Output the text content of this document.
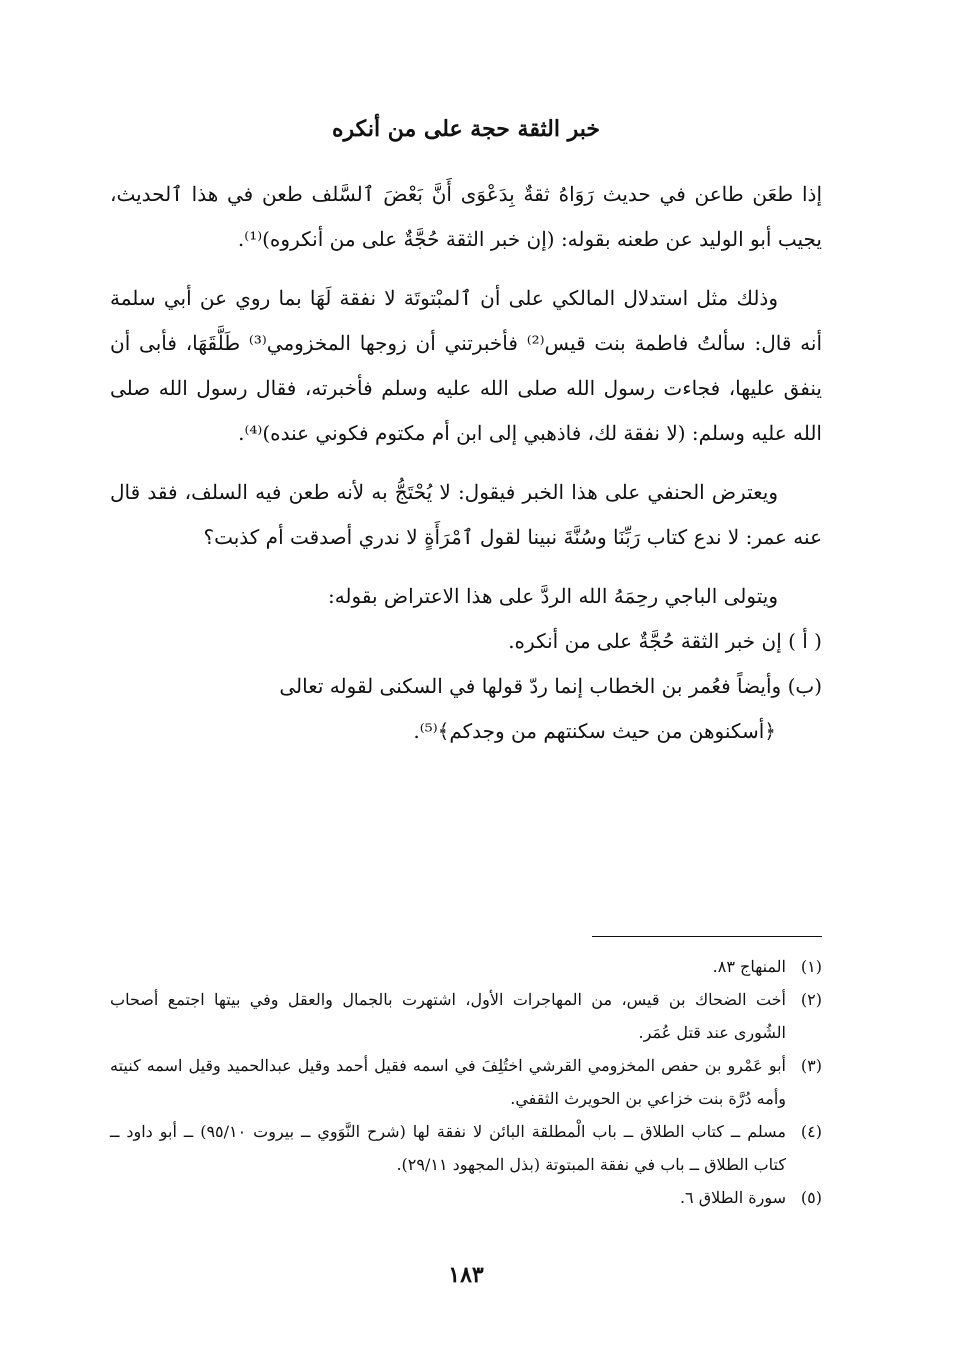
خبر الثقة حجة على من أنكره

إذا طعَن طاعن في حديث رَوَاهُ ثقةٌ بِدَعْوَى أَنَّ بَعْضَ ٱلسَّلف طعن في هذا ٱلحديث، يجيب أبو الوليد عن طعنه بقوله: (إن خبر الثقة حُجَّةٌ على من أنكروه)⁽¹⁾.

وذلك مثل استدلال المالكي على أن ٱلمبْتوتَة لا نفقة لَهَا بما روي عن أبي سلمة أنه قال: سألتُ فاطمة بنت قيس⁽²⁾ فأخبرتني أن زوجها المخزومي⁽³⁾ طَلَّقَهَا، فأبى أن ينفق عليها، فجاءت رسول الله صلى الله عليه وسلم فأخبرته، فقال رسول الله صلى الله عليه وسلم: (لا نفقة لك، فاذهبي إلى ابن أم مكتوم فكوني عنده)⁽⁴⁾.

ويعترض الحنفي على هذا الخبر فيقول: لا يُحْتَجُّ به لأنه طعن فيه السلف، فقد قال عنه عمر: لا ندع كتاب رَبِّنَا وسُنَّةَ نبينا لقول ٱمْرَأَةٍ لا ندري أصدقت أم كذبت؟

ويتولى الباجي رحِمَهُ الله الردَّ على هذا الاعتراض بقوله:

( أ ) إن خبر الثقة حُجَّةٌ على من أنكره.
(ب) وأيضاً فعُمر بن الخطاب إنما ردّ قولها في السكنى لقوله تعالى
﴿أسكنوهن من حيث سكنتهم من وجدكم﴾⁽⁵⁾.
(١)
المنهاج ٨٣.
(٢)
أخت الضحاك بن قيس، من المهاجرات الأول، اشتهرت بالجمال والعقل وفي بيتها اجتمع أصحاب الشُورى عند قتل عُمَر.
(٣)
أبو عَمْرو بن حفص المخزومي القرشي اختُلِفَ في اسمه فقيل أحمد وقيل عبدالحميد وقيل اسمه كنيته وأمه دُرَّة بنت خزاعي بن الحويرث الثقفي.
(٤)
مسلم ــ كتاب الطلاق ــ باب الْمطلقة البائن لا نفقة لها (شرح النَّوَوي ــ بيروت ٩٥/١٠) ــ أبو داود ــ كتاب الطلاق ــ باب في نفقة المبتوتة (بذل المجهود ٢٩/١١).
(٥)
سورة الطلاق ٦.
١٨٣
